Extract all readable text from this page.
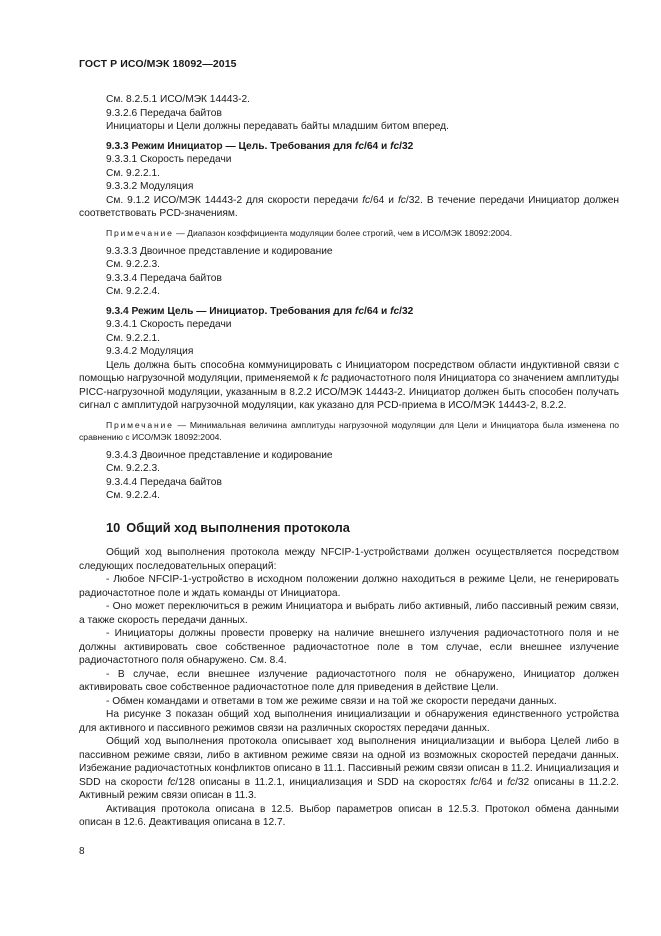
ГОСТ Р ИСО/МЭК 18092—2015

См. 8.2.5.1 ИСО/МЭК 14443-2.

9.3.2.6 Передача байтов

Инициаторы и Цели должны передавать байты младшим битом вперед.

9.3.3 Режим Инициатор — Цель. Требования для fc/64 и fc/32

9.3.3.1 Скорость передачи

См. 9.2.2.1.

9.3.3.2 Модуляция

См. 9.1.2 ИСО/МЭК 14443-2 для скорости передачи fc/64 и fc/32. В течение передачи Инициатор должен соответствовать PCD-значениям.

Примечание — Диапазон коэффициента модуляции более строгий, чем в ИСО/МЭК 18092:2004.

9.3.3.3 Двоичное представление и кодирование

См. 9.2.2.3.

9.3.3.4 Передача байтов

См. 9.2.2.4.

9.3.4 Режим Цель — Инициатор. Требования для fc/64 и fc/32

9.3.4.1 Скорость передачи

См. 9.2.2.1.

9.3.4.2 Модуляция

Цель должна быть способна коммуницировать с Инициатором посредством области индуктивной связи с помощью нагрузочной модуляции, применяемой к fc радиочастотного поля Инициатора со значением амплитуды PICC-нагрузочной модуляции, указанным в 8.2.2 ИСО/МЭК 14443-2. Инициатор должен быть способен получать сигнал с амплитудой нагрузочной модуляции, как указано для PCD-приема в ИСО/МЭК 14443-2, 8.2.2.

Примечание — Минимальная величина амплитуды нагрузочной модуляции для Цели и Инициатора была изменена по сравнению с ИСО/МЭК 18092:2004.

9.3.4.3 Двоичное представление и кодирование

См. 9.2.2.3.

9.3.4.4 Передача байтов

См. 9.2.2.4.

10 Общий ход выполнения протокола

Общий ход выполнения протокола между NFCIP-1-устройствами должен осуществляется посредством следующих последовательных операций:

- Любое NFCIP-1-устройство в исходном положении должно находиться в режиме Цели, не генерировать радиочастотное поле и ждать команды от Инициатора.

- Оно может переключиться в режим Инициатора и выбрать либо активный, либо пассивный режим связи, а также скорость передачи данных.

- Инициаторы должны провести проверку на наличие внешнего излучения радиочастотного поля и не должны активировать свое собственное радиочастотное поле в том случае, если внешнее излучение радиочастотного поля обнаружено. См. 8.4.

- В случае, если внешнее излучение радиочастотного поля не обнаружено, Инициатор должен активировать свое собственное радиочастотное поле для приведения в действие Цели.

- Обмен командами и ответами в том же режиме связи и на той же скорости передачи данных.

На рисунке 3 показан общий ход выполнения инициализации и обнаружения единственного устройства для активного и пассивного режимов связи на различных скоростях передачи данных.

Общий ход выполнения протокола описывает ход выполнения инициализации и выбора Целей либо в пассивном режиме связи, либо в активном режиме связи на одной из возможных скоростей передачи данных. Избежание радиочастотных конфликтов описано в 11.1. Пассивный режим связи описан в 11.2. Инициализация и SDD на скорости fc/128 описаны в 11.2.1, инициализация и SDD на скоростях fc/64 и fc/32 описаны в 11.2.2. Активный режим связи описан в 11.3.

Активация протокола описана в 12.5. Выбор параметров описан в 12.5.3. Протокол обмена данными описан в 12.6. Деактивация описана в 12.7.

8
